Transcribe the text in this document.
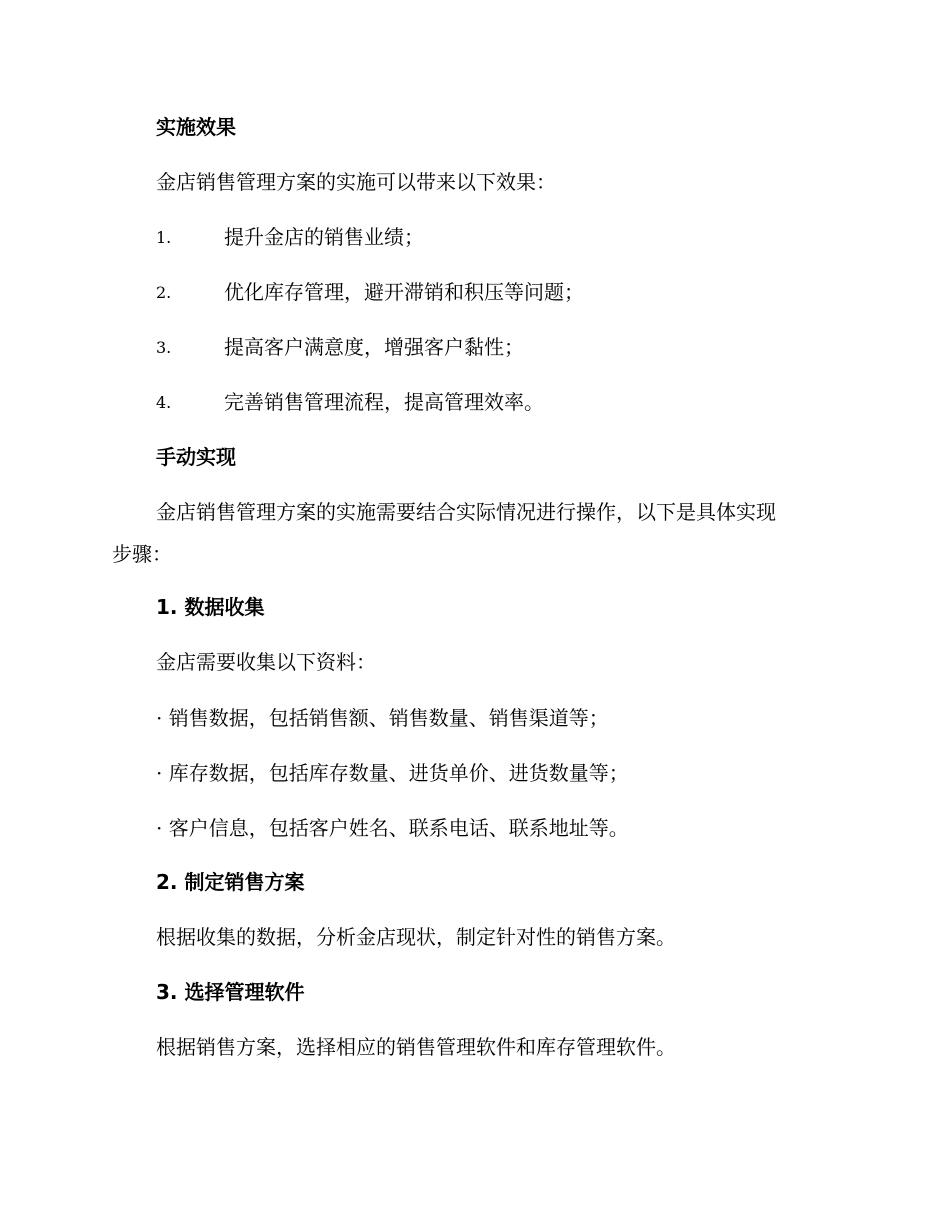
实施效果
金店销售管理方案的实施可以带来以下效果：
1.	提升金店的销售业绩；
2.	优化库存管理，避开滞销和积压等问题；
3.	提高客户满意度，增强客户黏性；
4.	完善销售管理流程，提高管理效率。
手动实现
金店销售管理方案的实施需要结合实际情况进行操作，以下是具体实现
步骤：
1. 数据收集
金店需要收集以下资料：
· 销售数据，包括销售额、销售数量、销售渠道等；
· 库存数据，包括库存数量、进货单价、进货数量等；
· 客户信息，包括客户姓名、联系电话、联系地址等。
2. 制定销售方案
根据收集的数据，分析金店现状，制定针对性的销售方案。
3. 选择管理软件
根据销售方案，选择相应的销售管理软件和库存管理软件。
